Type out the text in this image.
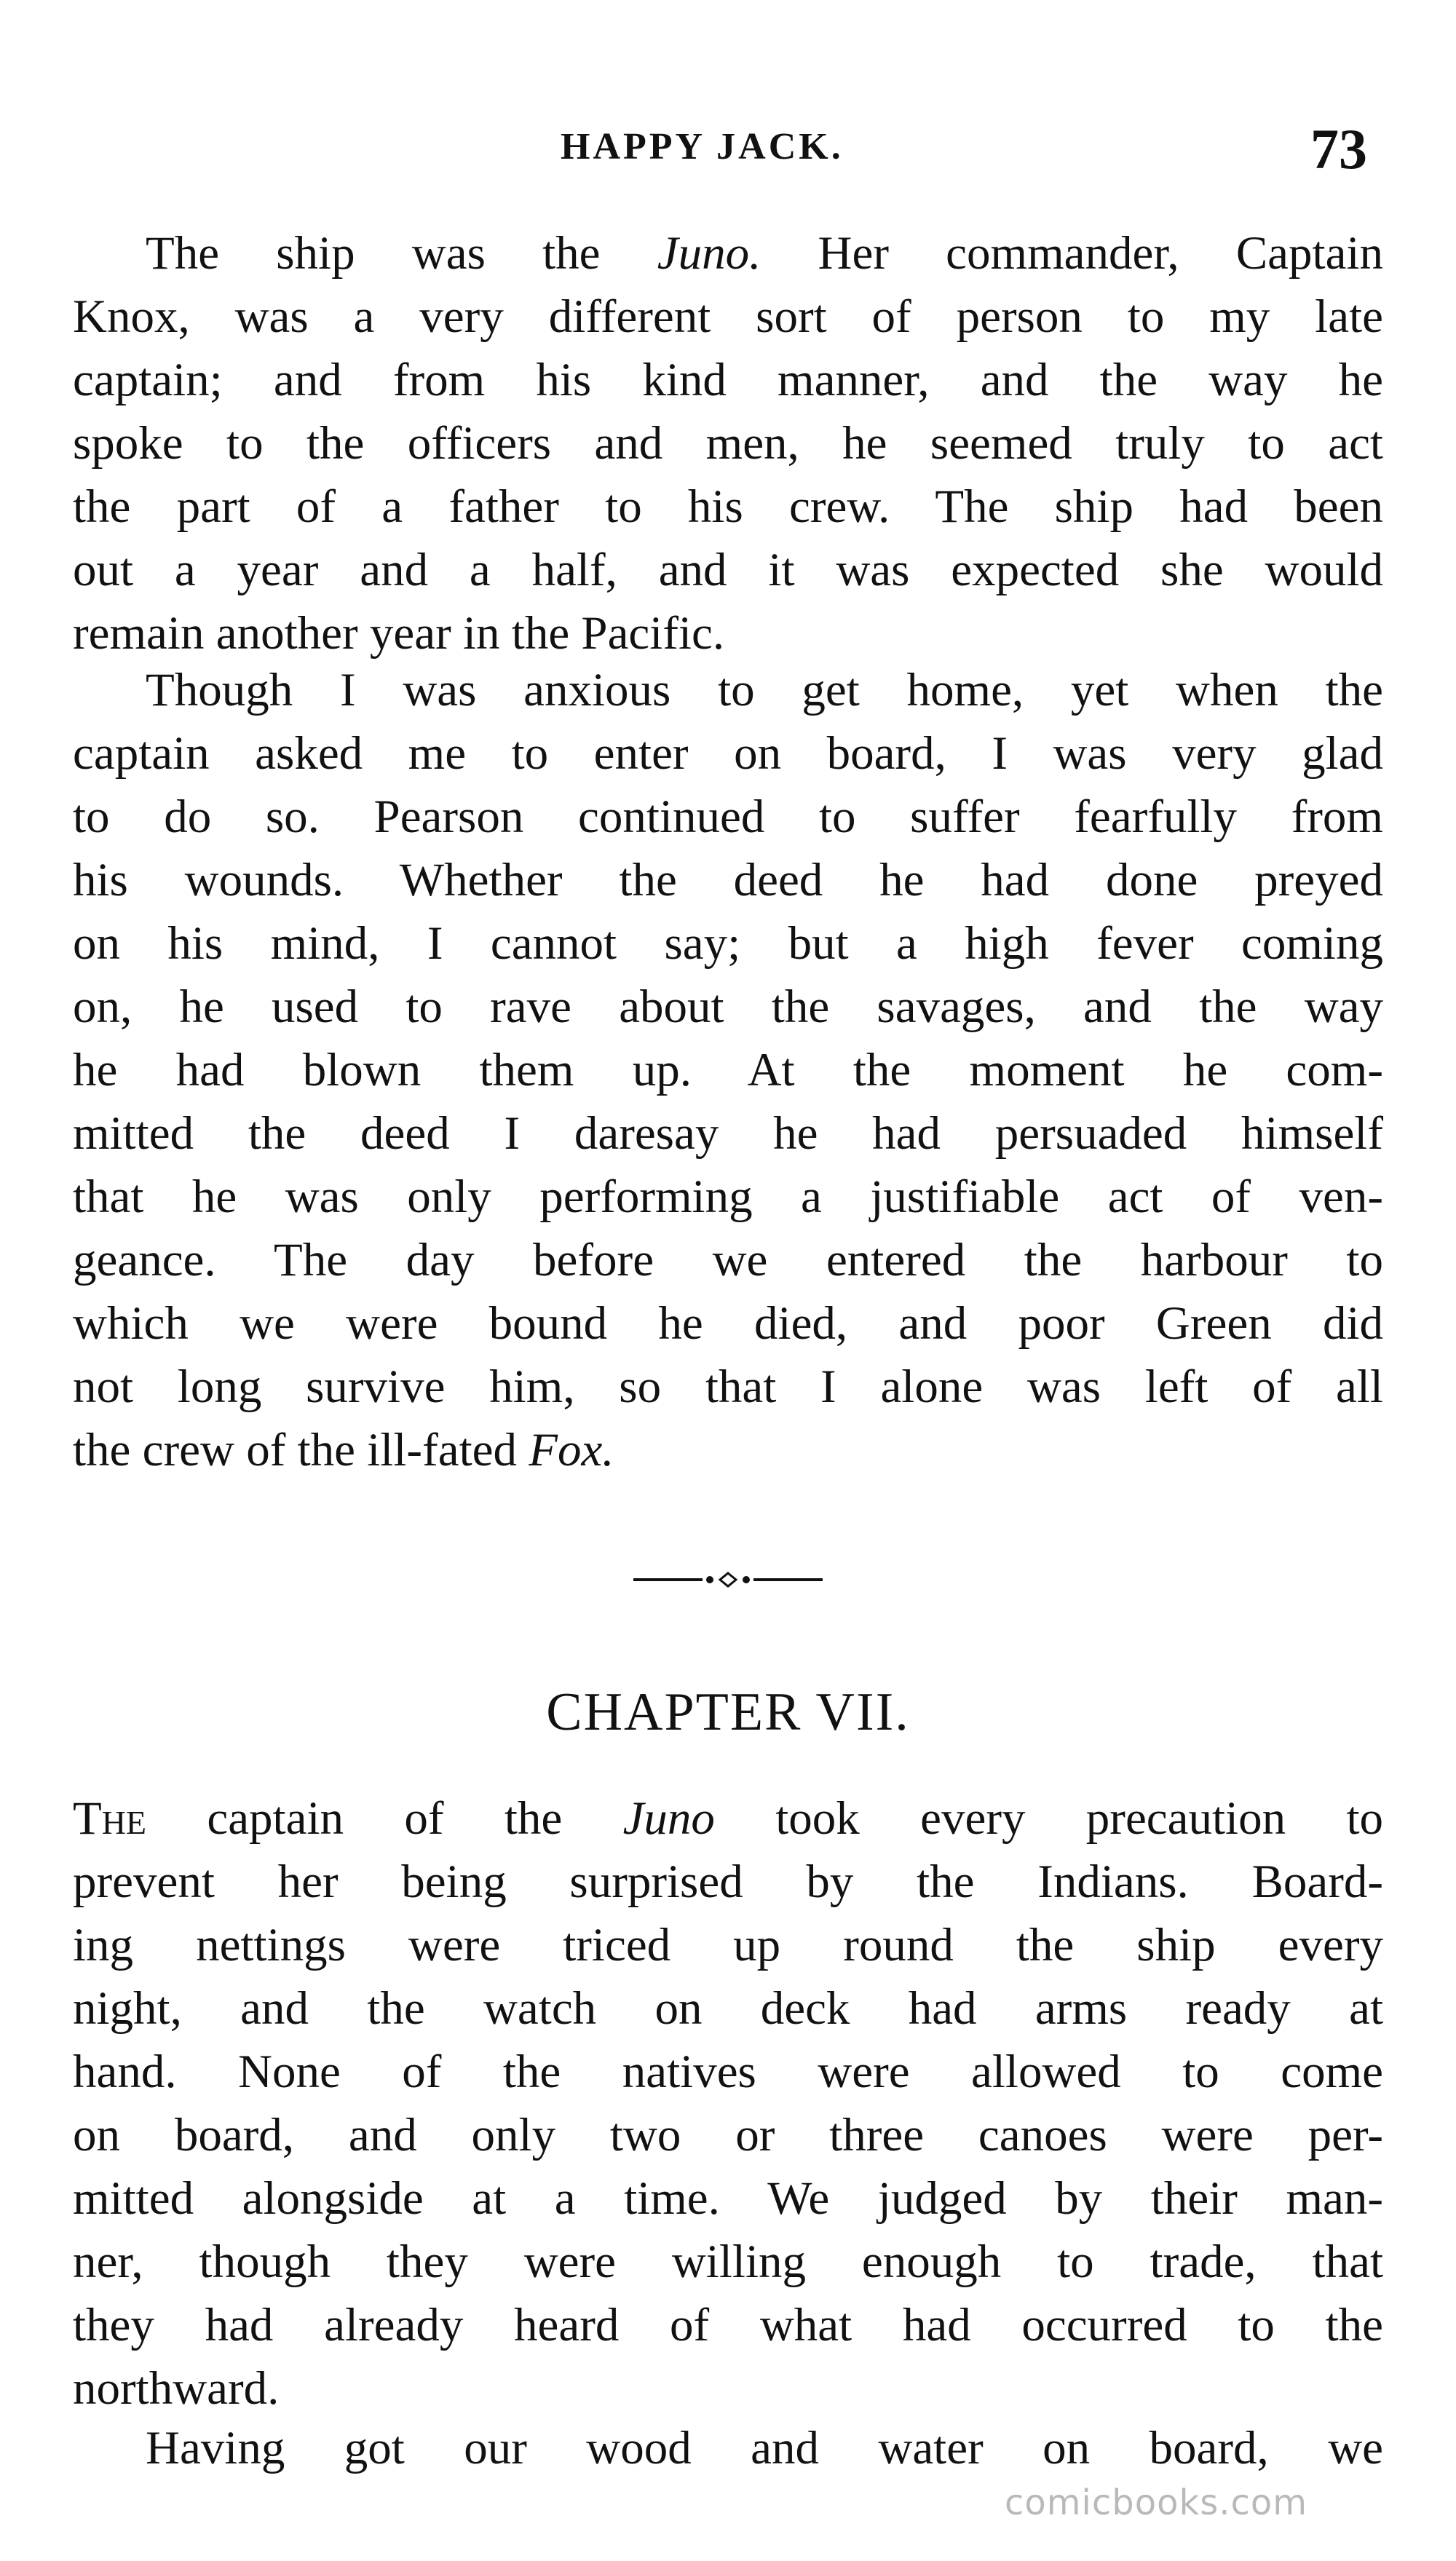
HAPPY JACK.	73
The ship was the Juno. Her commander, Captain
Knox, was a very different sort of person to my late
captain; and from his kind manner, and the way he
spoke to the officers and men, he seemed truly to act
the part of a father to his crew. The ship had been
out a year and a half, and it was expected she would
remain another year in the Pacific.
Though I was anxious to get home, yet when the
captain asked me to enter on board, I was very glad
to do so. Pearson continued to suffer fearfully from
his wounds. Whether the deed he had done preyed
on his mind, I cannot say; but a high fever coming
on, he used to rave about the savages, and the way
he had blown them up. At the moment he com-
mitted the deed I daresay he had persuaded himself
that he was only performing a justifiable act of ven-
geance. The day before we entered the harbour to
which we were bound he died, and poor Green did
not long survive him, so that I alone was left of all
the crew of the ill-fated Fox.
CHAPTER VII.
The captain of the Juno took every precaution to
prevent her being surprised by the Indians. Board-
ing nettings were triced up round the ship every
night, and the watch on deck had arms ready at
hand. None of the natives were allowed to come
on board, and only two or three canoes were per-
mitted alongside at a time. We judged by their man-
ner, though they were willing enough to trade, that
they had already heard of what had occurred to the
northward.
Having got our wood and water on board, we
comicbooks.com
